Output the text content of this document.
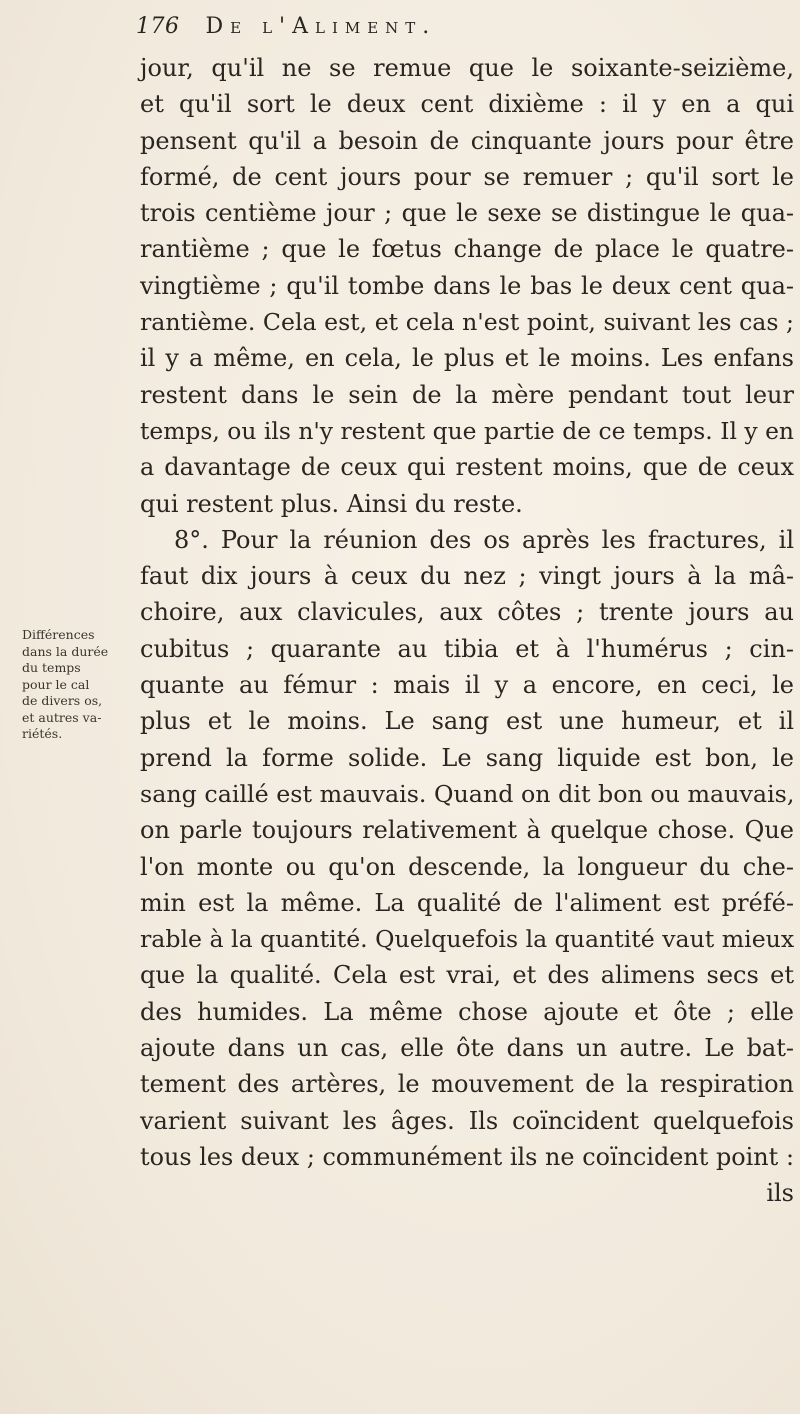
176 De l'Aliment.
Différences
dans la durée
du temps
pour le cal
de divers os,
et autres va-
riétés.
jour, qu'il ne se remue que le soixante-seizième,
et qu'il sort le deux cent dixième : il y en a qui
pensent qu'il a besoin de cinquante jours pour être
formé, de cent jours pour se remuer ; qu'il sort le
trois centième jour ; que le sexe se distingue le qua-
rantième ; que le fœtus change de place le quatre-
vingtième ; qu'il tombe dans le bas le deux cent qua-
rantième. Cela est, et cela n'est point, suivant les cas ;
il y a même, en cela, le plus et le moins. Les enfans
restent dans le sein de la mère pendant tout leur
temps, ou ils n'y restent que partie de ce temps. Il y en
a davantage de ceux qui restent moins, que de ceux
qui restent plus. Ainsi du reste.
8°. Pour la réunion des os après les fractures, il
faut dix jours à ceux du nez ; vingt jours à la mâ-
choire, aux clavicules, aux côtes ; trente jours au
cubitus ; quarante au tibia et à l'humérus ; cin-
quante au fémur : mais il y a encore, en ceci, le
plus et le moins. Le sang est une humeur, et il
prend la forme solide. Le sang liquide est bon, le
sang caillé est mauvais. Quand on dit bon ou mauvais,
on parle toujours relativement à quelque chose. Que
l'on monte ou qu'on descende, la longueur du che-
min est la même. La qualité de l'aliment est préfé-
rable à la quantité. Quelquefois la quantité vaut mieux
que la qualité. Cela est vrai, et des alimens secs et
des humides. La même chose ajoute et ôte ; elle
ajoute dans un cas, elle ôte dans un autre. Le bat-
tement des artères, le mouvement de la respiration
varient suivant les âges. Ils coïncident quelquefois
tous les deux ; communément ils ne coïncident point :
ils
